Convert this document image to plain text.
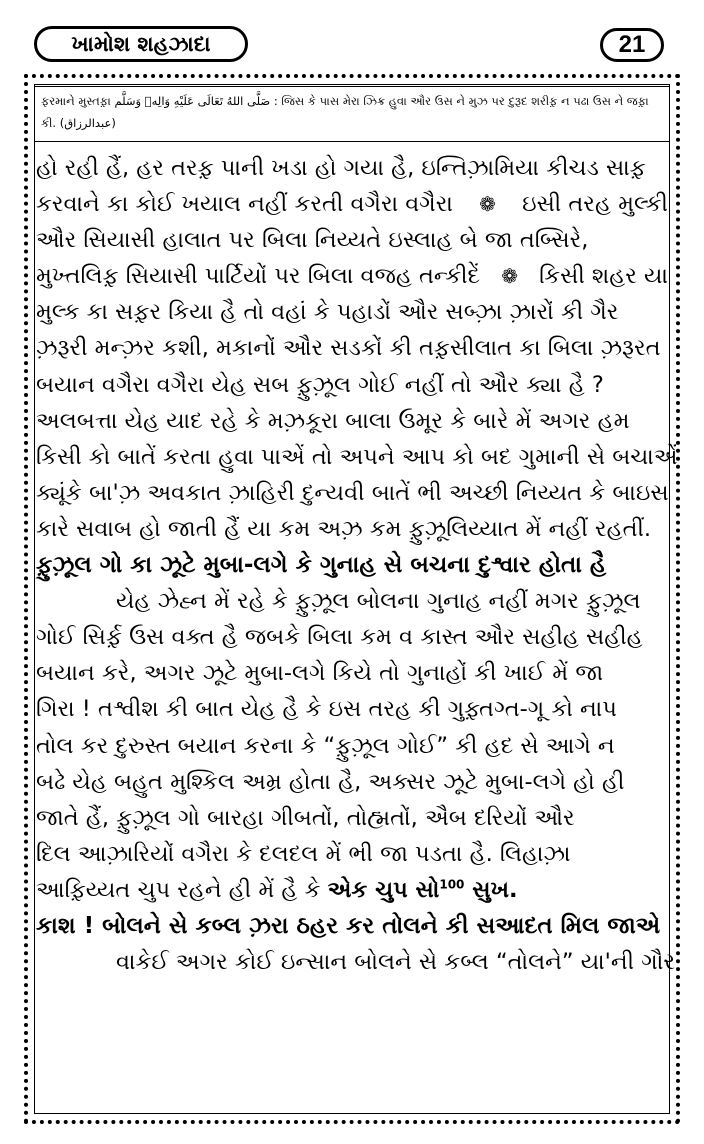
ખામોશ શહઝાદા	21
ફરમાને મુસ્તફ઼ા صَلَّى اللهُ تَعَالَى عَلَيْهِ وَالِهٖ وَسَلَّم : જિસ કે પાસ મેરા ઝિક્ર હુવા ઔર ઉસ ને મુઝ પર દુરૂદ શરીફ઼ ન પઢા ઉસ ને જફ઼ા કી. (عبدالرزاق)
હો રહી હૈં, હર તરફ઼ પાની ખડા હો ગયા હૈ, ઇન્તિઝ઼ામિયા કીચડ સાફ઼
કરવાને કા કોઈ ખયાલ નહીં કરતી વગૈરા વગૈરા ❁ ઇસી તરહ મુલ્કી
ઔર સિયાસી હાલાત પર બિલા નિય્યતે ઇસ્લાહ બે જા તબ્સિરે,
મુખ્તલિફ઼ સિયાસી પાર્ટિયોં પર બિલા વજહ તન્કીદેં ❁ કિસી શહર યા
મુલ્ક કા સફ઼ર કિયા હૈ તો વહાં કે પહાડોં ઔર સબ્ઝ઼ા ઝ઼ારોં કી ગૈર
ઝ઼રૂરી મન્ઝ઼ર કશી, મકાનોં ઔર સડકોં કી તફ઼સીલાત કા બિલા ઝ઼રૂરત
બયાન વગૈરા વગૈરા યેહ સબ ફ઼ુઝ઼ૂલ ગોઈ નહીં તો ઔર ક્યા હૈ ?
અલબત્તા યેહ યાદ રહે કે મઝ઼કૂરા બાલા ઉમૂર કે બારે મેં અગર હમ
કિસી કો બાતેં કરતા હુવા પાએં તો અપને આપ કો બદ ગુમાની સે બચાએં
ક્યૂંકે બા'ઝ઼ અવકાત ઝ઼ાહિરી દુન્યવી બાતેં ભી અચ્છી નિય્યત કે બાઇસ
કારે સવાબ હો જાતી હૈં યા કમ અઝ઼ કમ ફ઼ુઝ઼ૂલિય્યાત મેં નહીં રહતીં.
ફ઼ુઝ઼ૂલ ગો કા ઝૂટે મુબા-લગે કે ગુનાહ સે બચના દુશ્વાર હોતા હૈ
યેહ ઝેહ્ન મેં રહે કે ફ઼ુઝ઼ૂલ બોલના ગુનાહ નહીં મગર ફ઼ુઝ઼ૂલ
ગોઈ સિર્ફ઼ ઉસ વક્ત હૈ જબકે બિલા કમ વ કાસ્ત ઔર સહીહ સહીહ
બયાન કરે, અગર ઝૂટે મુબા-લગે કિયે તો ગુનાહોં કી ખાઈ મેં જા
ગિરા ! તશ્વીશ કી બાત યેહ હૈ કે ઇસ તરહ કી ગુફ઼્તગ્ત-ગૂ કો નાપ
તોલ કર દુરુસ્ત બયાન કરના કે “ફ઼ુઝ઼ૂલ ગોઈ” કી હદ સે આગે ન
બઢે યેહ બહુત મુશ્કિલ અમ્ર હોતા હૈ, અક્સર ઝૂટે મુબા-લગે હો હી
જાતે હૈં, ફ઼ુઝ઼ૂલ ગો બારહા ગીબતોં, તોહ્મતોં, ઐબ દરિયોં ઔર
દિલ આઝ઼ારિયોં વગૈરા કે દલદલ મેં ભી જા પડતા હૈ. લિહાઝ઼ા
આફ઼િય્યત ચુપ રહને હી મેં હૈ કે
એક ચુપ સો$^{100}$ સુખ.
કાશ ! બોલને સે કબ્લ ઝ઼રા ઠહર કર તોલને કી સઆદત મિલ જાએ
વાકેઈ અગર કોઈ ઇન્સાન બોલને સે કબ્લ “તોલને” યા'ની ગૌર
